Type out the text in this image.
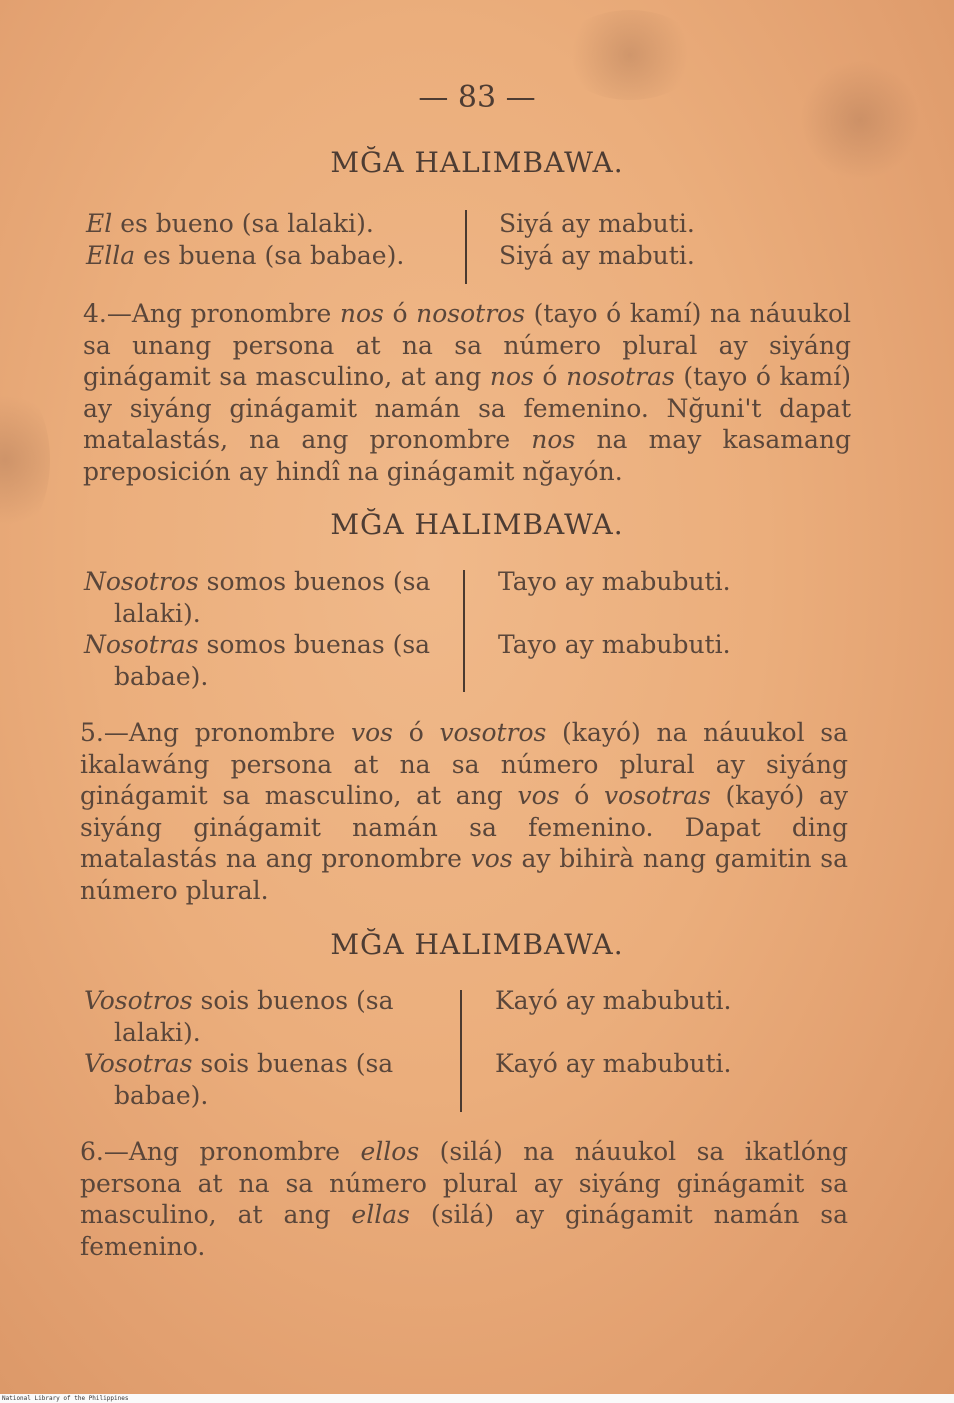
— 83 —
MĞA HALIMBAWA.
El es bueno (sa lalaki).
Ella es buena (sa babae).
Siyá ay mabuti.
Siyá ay mabuti.
4.—Ang pronombre nos ó nosotros (tayo ó kamí) na náuukol sa unang persona at na sa número plural ay siyáng ginágamit sa masculino, at ang nos ó nosotras (tayo ó kamí) ay siyáng ginágamit namán sa femenino. Nğuni't dapat matalastás, na ang pronombre nos na may kasamang preposición ay hindî na ginágamit nğayón.
MĞA HALIMBAWA.
Nosotros somos buenos (sa
lalaki).
Nosotras somos buenas (sa
babae).
Tayo ay mabubuti.
Tayo ay mabubuti.
5.—Ang pronombre vos ó vosotros (kayó) na náuukol sa ikalawáng persona at na sa número plural ay siyáng ginágamit sa masculino, at ang vos ó vosotras (kayó) ay siyáng ginágamit namán sa femenino. Dapat ding matalastás na ang pronombre vos ay bihirà nang gamitin sa número plural.
MĞA HALIMBAWA.
Vosotros sois buenos (sa
lalaki).
Vosotras sois buenas (sa
babae).
Kayó ay mabubuti.
Kayó ay mabubuti.
6.—Ang pronombre ellos (silá) na náuukol sa ikatlóng persona at na sa número plural ay siyáng ginágamit sa masculino, at ang ellas (silá) ay ginágamit namán sa femenino.
National Library of the Philippines
